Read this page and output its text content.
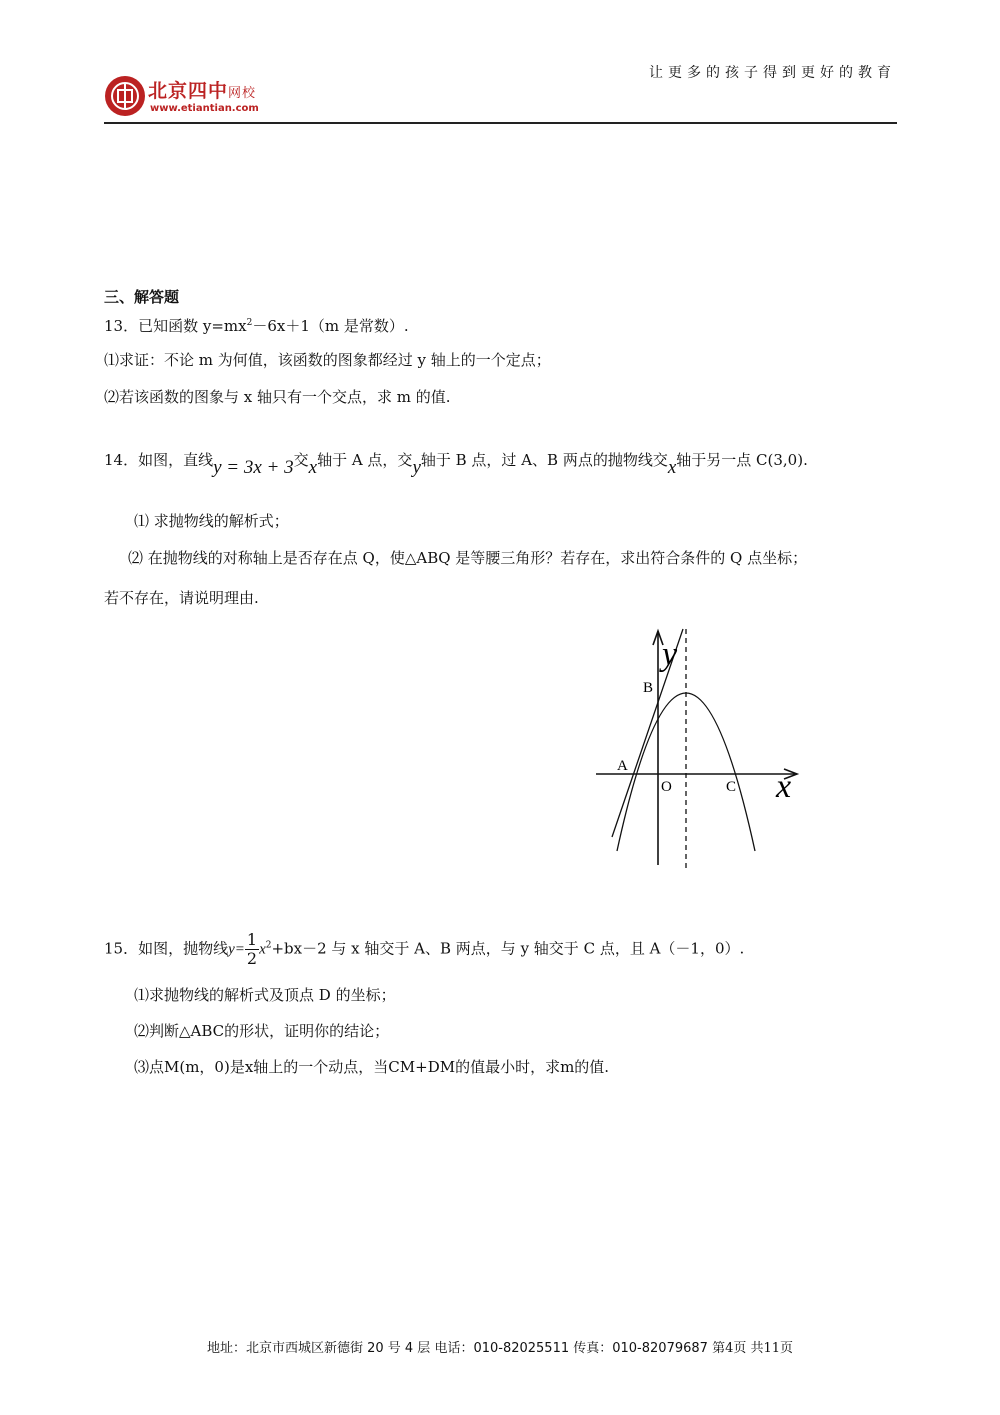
让更多的孩子得到更好的教育
北京四中网校
www.etiantian.com
三、解答题
13．已知函数 $y=mx^2-6x+1(m$ 是常数）.
⑴求证：不论 m 为何值，该函数的图象都经过 y 轴上的一个定点；
⑵若该函数的图象与 x 轴只有一个交点，求 m 的值.
14．如图，直线y = 3x + 3交x轴于 A 点，交y轴于 B 点，过 A、B 两点的抛物线交x轴于另一点 C(3,0).
⑴ 求抛物线的解析式；
⑵ 在抛物线的对称轴上是否存在点 Q，使△ABQ 是等腰三角形？若存在，求出符合条件的 Q 点坐标；
若不存在，请说明理由.
y
x
B
A
O	C
15．如图，抛物线$y= \frac{1}{2} x^2+bx-2$ 与 x 轴交于 A、B 两点，与 y 轴交于 C 点，且 A（－1，0）.
⑴求抛物线的解析式及顶点 D 的坐标；
⑵判断△ABC的形状，证明你的结论；
⑶点M(m，0)是x轴上的一个动点，当CM+DM的值最小时，求m的值.
地址：北京市西城区新德街 20 号 4 层 电话：010-82025511 传真：010-82079687 第4页 共11页
